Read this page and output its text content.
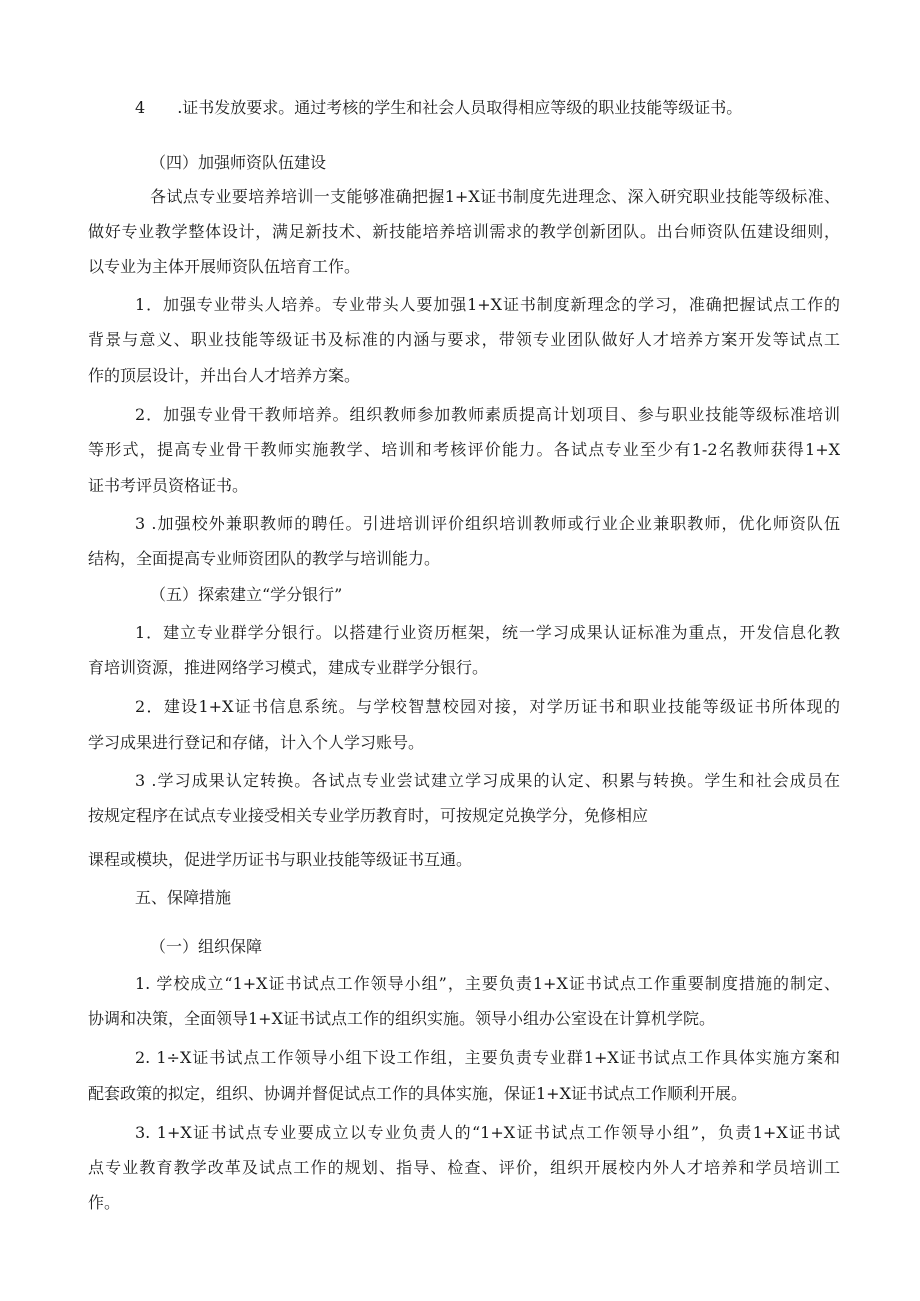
4 .证书发放要求。通过考核的学生和社会人员取得相应等级的职业技能等级证书。
（四）加强师资队伍建设
各试点专业要培养培训一支能够准确把握1+X证书制度先进理念、深入研究职业技能等级标准、
做好专业教学整体设计，满足新技术、新技能培养培训需求的教学创新团队。出台师资队伍建设细则，
以专业为主体开展师资队伍培育工作。
1．加强专业带头人培养。专业带头人要加强1+X证书制度新理念的学习，准确把握试点工作的
背景与意义、职业技能等级证书及标准的内涵与要求，带领专业团队做好人才培养方案开发等试点工
作的顶层设计，并出台人才培养方案。
2．加强专业骨干教师培养。组织教师参加教师素质提高计划项目、参与职业技能等级标准培训
等形式，提高专业骨干教师实施教学、培训和考核评价能力。各试点专业至少有1-2名教师获得1+X
证书考评员资格证书。
3 .加强校外兼职教师的聘任。引进培训评价组织培训教师或行业企业兼职教师，优化师资队伍
结构，全面提高专业师资团队的教学与培训能力。
（五）探索建立“学分银行”
1．建立专业群学分银行。以搭建行业资历框架，统一学习成果认证标准为重点，开发信息化教
育培训资源，推进网络学习模式，建成专业群学分银行。
2．建设1+X证书信息系统。与学校智慧校园对接，对学历证书和职业技能等级证书所体现的
学习成果进行登记和存储，计入个人学习账号。
3 .学习成果认定转换。各试点专业尝试建立学习成果的认定、积累与转换。学生和社会成员在
按规定程序在试点专业接受相关专业学历教育时，可按规定兑换学分，免修相应
课程或模块，促进学历证书与职业技能等级证书互通。
五、保障措施
（一）组织保障
1. 学校成立“1+X证书试点工作领导小组”，主要负责1+X证书试点工作重要制度措施的制定、
协调和决策，全面领导1+X证书试点工作的组织实施。领导小组办公室设在计算机学院。
2. 1÷X证书试点工作领导小组下设工作组，主要负责专业群1+X证书试点工作具体实施方案和
配套政策的拟定，组织、协调并督促试点工作的具体实施，保证1+X证书试点工作顺利开展。
3. 1+X证书试点专业要成立以专业负责人的“1+X证书试点工作领导小组”，负责1+X证书试
点专业教育教学改革及试点工作的规划、指导、检查、评价，组织开展校内外人才培养和学员培训工
作。
